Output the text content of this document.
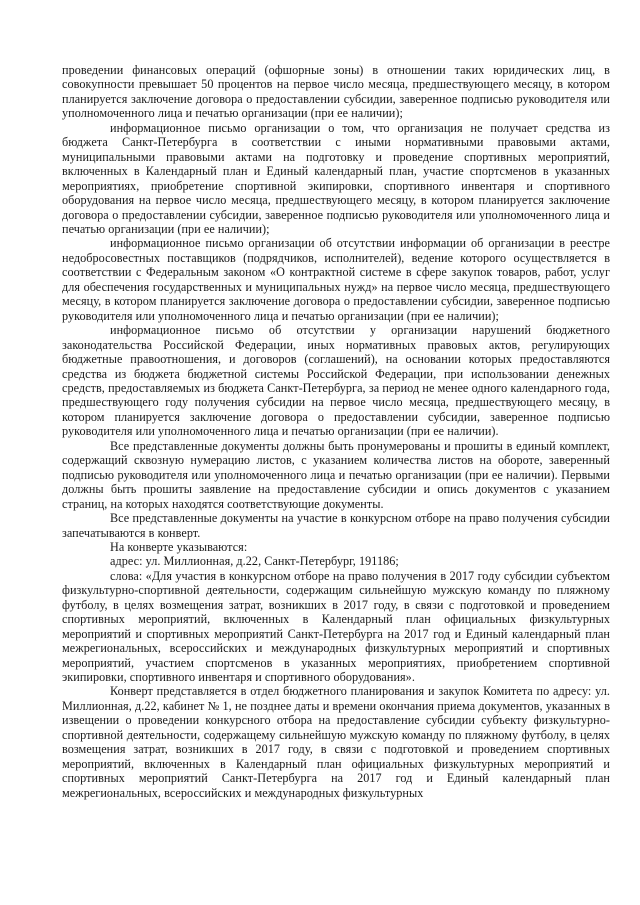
проведении финансовых операций (офшорные зоны) в отношении таких юридических лиц, в совокупности превышает 50 процентов на первое число месяца, предшествующего месяцу, в котором планируется заключение договора о предоставлении субсидии, заверенное подписью руководителя или уполномоченного лица и печатью организации (при ее наличии);

информационное письмо организации о том, что организация не получает средства из бюджета Санкт-Петербурга в соответствии с иными нормативными правовыми актами, муниципальными правовыми актами на подготовку и проведение спортивных мероприятий, включенных в Календарный план и Единый календарный план, участие спортсменов в указанных мероприятиях, приобретение спортивной экипировки, спортивного инвентаря и спортивного оборудования на первое число месяца, предшествующего месяцу, в котором планируется заключение договора о предоставлении субсидии, заверенное подписью руководителя или уполномоченного лица и печатью организации (при ее наличии);

информационное письмо организации об отсутствии информации об организации в реестре недобросовестных поставщиков (подрядчиков, исполнителей), ведение которого осуществляется в соответствии с Федеральным законом «О контрактной системе в сфере закупок товаров, работ, услуг для обеспечения государственных и муниципальных нужд» на первое число месяца, предшествующего месяцу, в котором планируется заключение договора о предоставлении субсидии, заверенное подписью руководителя или уполномоченного лица и печатью организации (при ее наличии);

информационное письмо об отсутствии у организации нарушений бюджетного законодательства Российской Федерации, иных нормативных правовых актов, регулирующих бюджетные правоотношения, и договоров (соглашений), на основании которых предоставляются средства из бюджета бюджетной системы Российской Федерации, при использовании денежных средств, предоставляемых из бюджета Санкт-Петербурга, за период не менее одного календарного года, предшествующего году получения субсидии на первое число месяца, предшествующего месяцу, в котором планируется заключение договора о предоставлении субсидии, заверенное подписью руководителя или уполномоченного лица и печатью организации (при ее наличии).

Все представленные документы должны быть пронумерованы и прошиты в единый комплект, содержащий сквозную нумерацию листов, с указанием количества листов на обороте, заверенный подписью руководителя или уполномоченного лица и печатью организации (при ее наличии). Первыми должны быть прошиты заявление на предоставление субсидии и опись документов с указанием страниц, на которых находятся соответствующие документы.

Все представленные документы на участие в конкурсном отборе на право получения субсидии запечатываются в конверт.

На конверте указываются:

адрес: ул. Миллионная, д.22, Санкт-Петербург, 191186;

слова: «Для участия в конкурсном отборе на право получения в 2017 году субсидии субъектом физкультурно-спортивной деятельности, содержащим сильнейшую мужскую команду по пляжному футболу, в целях возмещения затрат, возникших в 2017 году, в связи с подготовкой и проведением спортивных мероприятий, включенных в Календарный план официальных физкультурных мероприятий и спортивных мероприятий Санкт-Петербурга на 2017 год и Единый календарный план межрегиональных, всероссийских и международных физкультурных мероприятий и спортивных мероприятий, участием спортсменов в указанных мероприятиях, приобретением спортивной экипировки, спортивного инвентаря и спортивного оборудования».

Конверт представляется в отдел бюджетного планирования и закупок Комитета по адресу: ул. Миллионная, д.22, кабинет № 1, не позднее даты и времени окончания приема документов, указанных в извещении о проведении конкурсного отбора на предоставление субсидии субъекту физкультурно-спортивной деятельности, содержащему сильнейшую мужскую команду по пляжному футболу, в целях возмещения затрат, возникших в 2017 году, в связи с подготовкой и проведением спортивных мероприятий, включенных в Календарный план официальных физкультурных мероприятий и спортивных мероприятий Санкт-Петербурга на 2017 год и Единый календарный план межрегиональных, всероссийских и международных физкультурных
